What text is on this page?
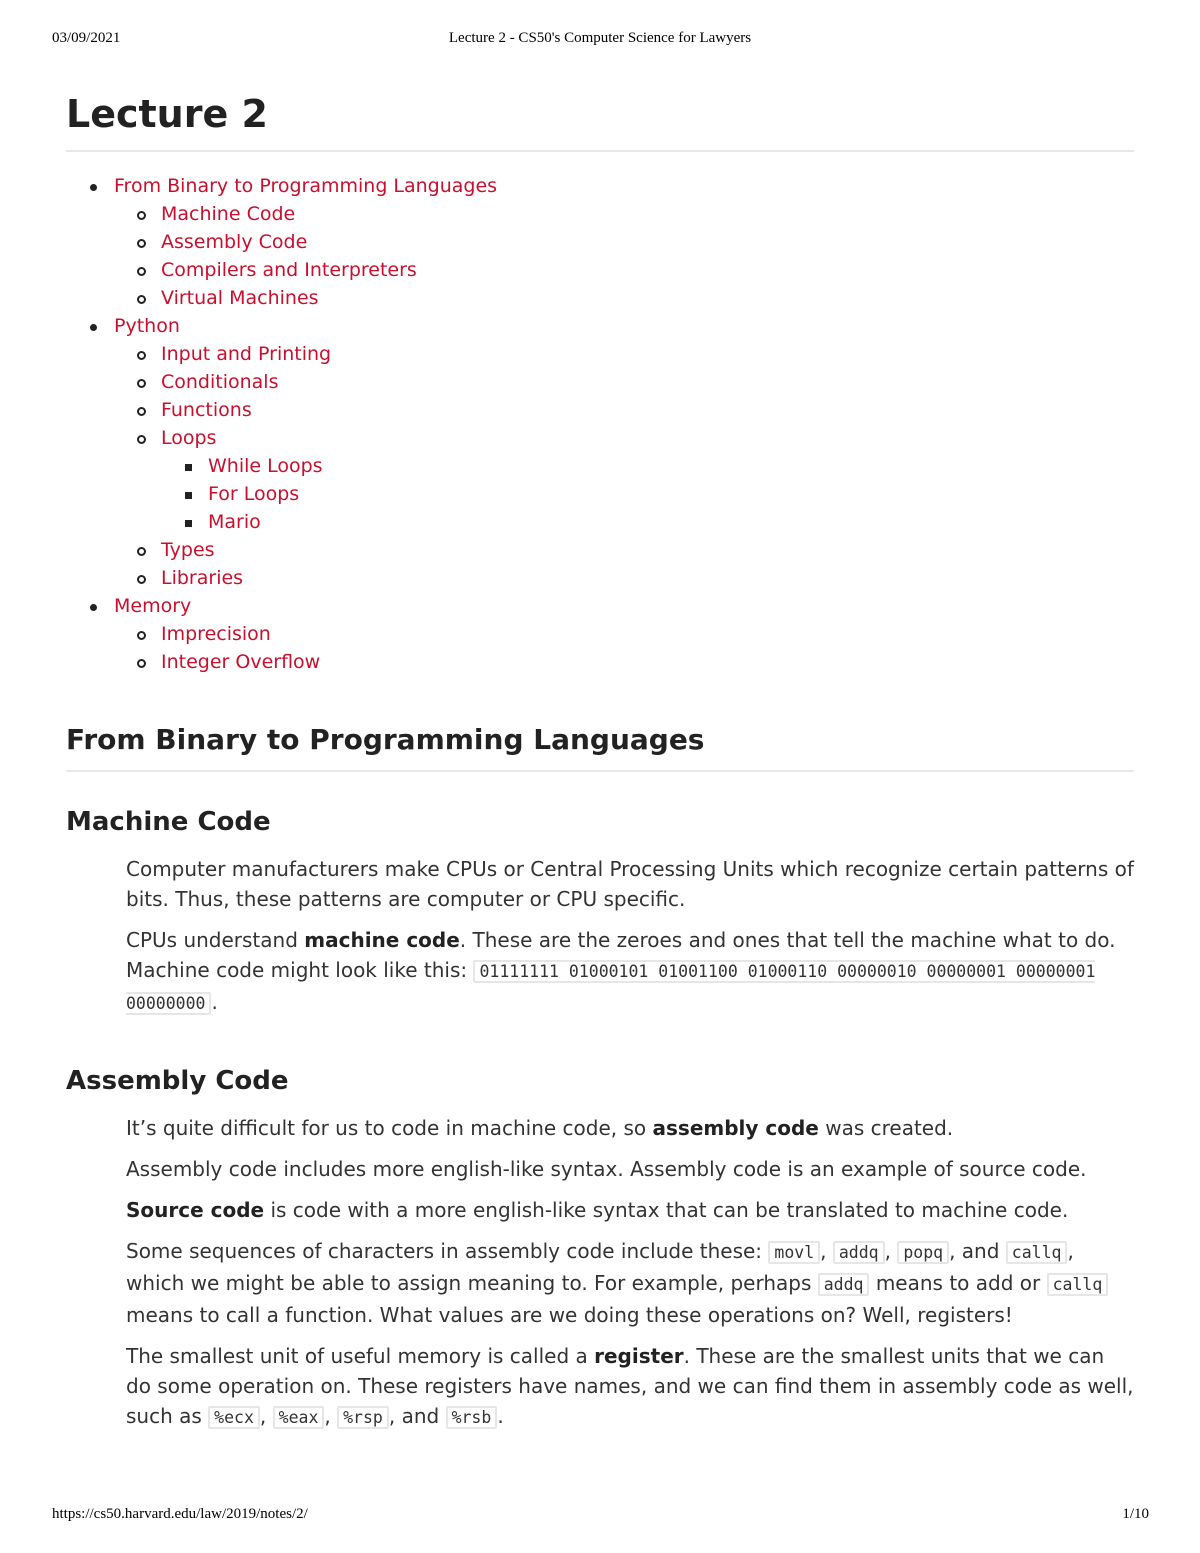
03/09/2021	Lecture 2 - CS50's Computer Science for Lawyers
Lecture 2
From Binary to Programming Languages
Machine Code
Assembly Code
Compilers and Interpreters
Virtual Machines
Python
Input and Printing
Conditionals
Functions
Loops
While Loops
For Loops
Mario
Types
Libraries
Memory
Imprecision
Integer Overflow
From Binary to Programming Languages
Machine Code

Computer manufacturers make CPUs or Central Processing Units which recognize certain patterns of bits. Thus, these patterns are computer or CPU specific.

CPUs understand machine code. These are the zeroes and ones that tell the machine what to do. Machine code might look like this: 01111111 01000101 01001100 01000110 00000010 00000001 00000001 00000000 .

Assembly Code

It’s quite difficult for us to code in machine code, so assembly code was created.

Assembly code includes more english-like syntax. Assembly code is an example of source code.

Source code is code with a more english-like syntax that can be translated to machine code.

Some sequences of characters in assembly code include these: movl , addq , popq , and callq , which we might be able to assign meaning to. For example, perhaps addq means to add or callq means to call a function. What values are we doing these operations on? Well, registers!

The smallest unit of useful memory is called a register. These are the smallest units that we can do some operation on. These registers have names, and we can find them in assembly code as well, such as %ecx , %eax , %rsp , and %rsb .

https://cs50.harvard.edu/law/2019/notes/2/	1/10
